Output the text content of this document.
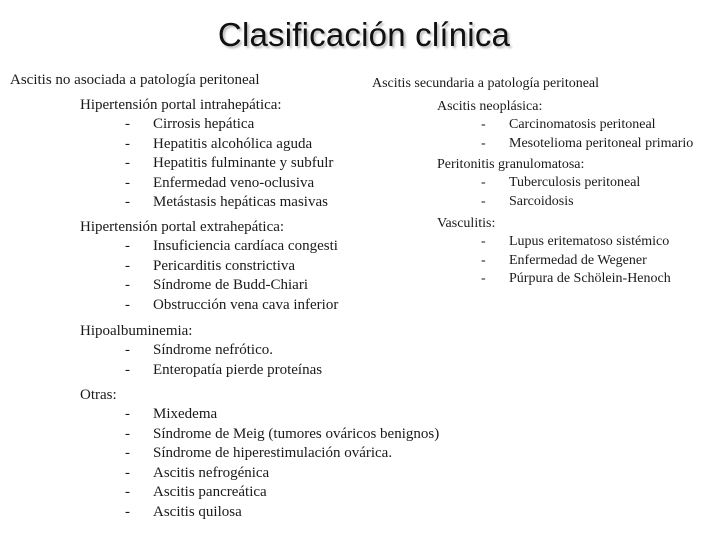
Clasificación clínica
Ascitis no asociada a patología peritoneal
Hipertensión portal intrahepática:
-	Cirrosis hepática
-	Hepatitis alcohólica aguda
-	Hepatitis fulminante y subfulr
-	Enfermedad veno-oclusiva
-	Metástasis hepáticas masivas
Hipertensión portal extrahepática:
-	Insuficiencia cardíaca congesti
-	Pericarditis constrictiva
-	Síndrome de Budd-Chiari
-	Obstrucción vena cava inferior
Hipoalbuminemia:
-	Síndrome nefrótico.
-	Enteropatía pierde proteínas
Otras:
-	Mixedema
-	Síndrome de Meig (tumores ováricos benignos)
-	Síndrome de hiperestimulación ovárica.
-	Ascitis nefrogénica
-	Ascitis pancreática
-	Ascitis quilosa
Ascitis secundaria a patología peritoneal
Ascitis neoplásica:
-	Carcinomatosis peritoneal
-	Mesotelioma peritoneal primario
Peritonitis granulomatosa:
-	Tuberculosis peritoneal
-	Sarcoidosis
Vasculitis:
-	Lupus eritematoso sistémico
-	Enfermedad de Wegener
-	Púrpura de Schölein-Henoch
